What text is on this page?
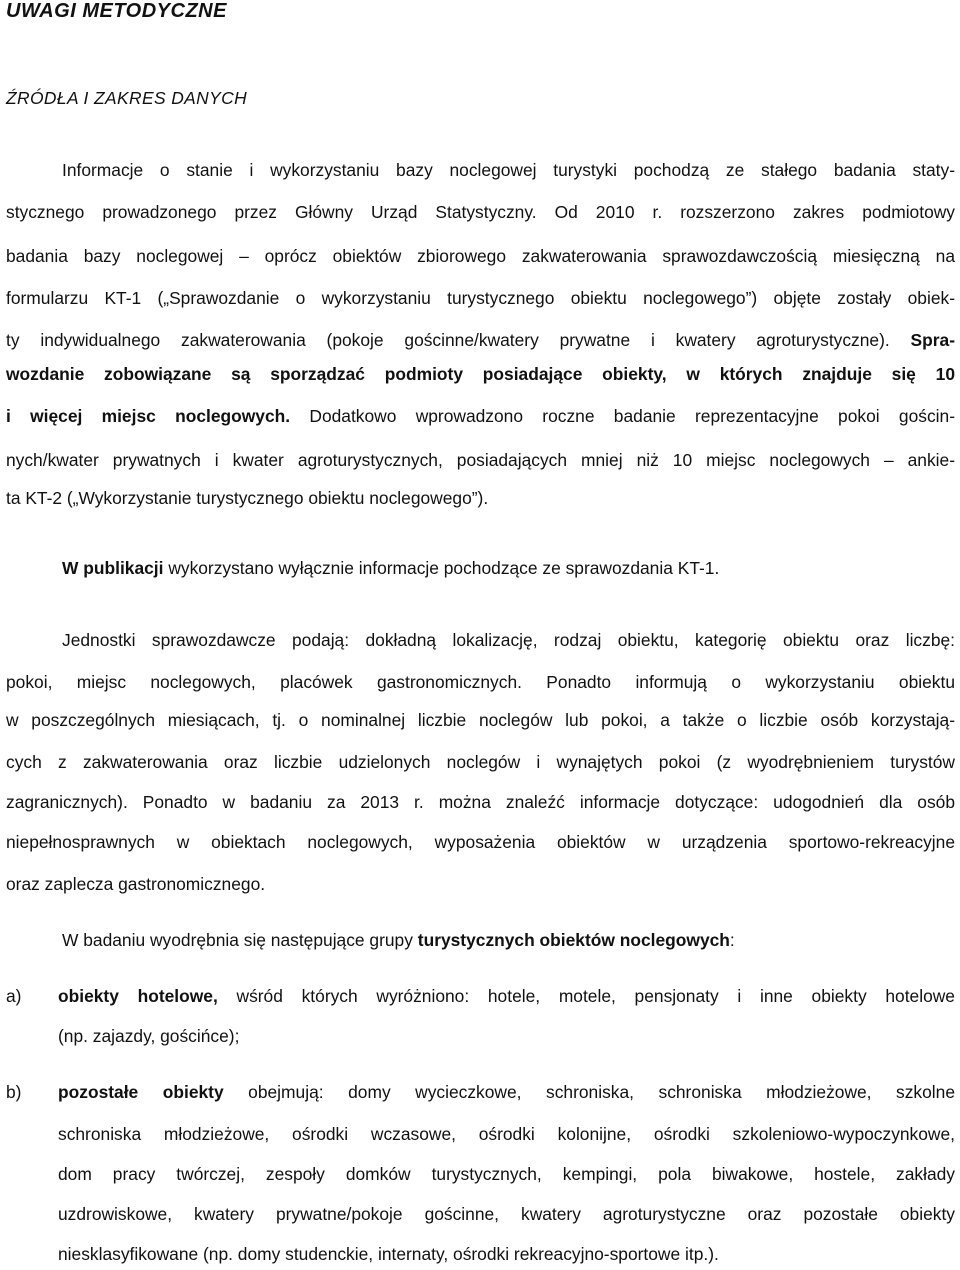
UWAGI METODYCZNE
ŹRÓDŁA I ZAKRES DANYCH
Informacje o stanie i wykorzystaniu bazy noclegowej turystyki pochodzą ze stałego badania staty-
stycznego prowadzonego przez Główny Urząd Statystyczny. Od 2010 r. rozszerzono zakres podmiotowy
badania bazy noclegowej – oprócz obiektów zbiorowego zakwaterowania sprawozdawczością miesięczną na
formularzu KT-1 („Sprawozdanie o wykorzystaniu turystycznego obiektu noclegowego”) objęte zostały obiek-
ty indywidualnego zakwaterowania (pokoje gościnne/kwatery prywatne i kwatery agroturystyczne). Spra-
wozdanie zobowiązane są sporządzać podmioty posiadające obiekty, w których znajduje się 10
i więcej miejsc noclegowych. Dodatkowo wprowadzono roczne badanie reprezentacyjne pokoi gościn-
nych/kwater prywatnych i kwater agroturystycznych, posiadających mniej niż 10 miejsc noclegowych – ankie-
ta KT-2 („Wykorzystanie turystycznego obiektu noclegowego”).
W publikacji wykorzystano wyłącznie informacje pochodzące ze sprawozdania KT-1.
Jednostki sprawozdawcze podają: dokładną lokalizację, rodzaj obiektu, kategorię obiektu oraz liczbę:
pokoi, miejsc noclegowych, placówek gastronomicznych. Ponadto informują o wykorzystaniu obiektu
w poszczególnych miesiącach, tj. o nominalnej liczbie noclegów lub pokoi, a także o liczbie osób korzystają-
cych z zakwaterowania oraz liczbie udzielonych noclegów i wynajętych pokoi (z wyodrębnieniem turystów
zagranicznych). Ponadto w badaniu za 2013 r. można znaleźć informacje dotyczące: udogodnień dla osób
niepełnosprawnych w obiektach noclegowych, wyposażenia obiektów w urządzenia sportowo-rekreacyjne
oraz zaplecza gastronomicznego.
W badaniu wyodrębnia się następujące grupy turystycznych obiektów noclegowych:
a) obiekty hotelowe, wśród których wyróżniono: hotele, motele, pensjonaty i inne obiekty hotelowe
(np. zajazdy, gościńce);
b) pozostałe obiekty obejmują: domy wycieczkowe, schroniska, schroniska młodzieżowe, szkolne
schroniska młodzieżowe, ośrodki wczasowe, ośrodki kolonijne, ośrodki szkoleniowo-wypoczynkowe,
dom pracy twórczej, zespoły domków turystycznych, kempingi, pola biwakowe, hostele, zakłady
uzdrowiskowe, kwatery prywatne/pokoje gościnne, kwatery agroturystyczne oraz pozostałe obiekty
niesklasyfikowane (np. domy studenckie, internaty, ośrodki rekreacyjno-sportowe itp.).
